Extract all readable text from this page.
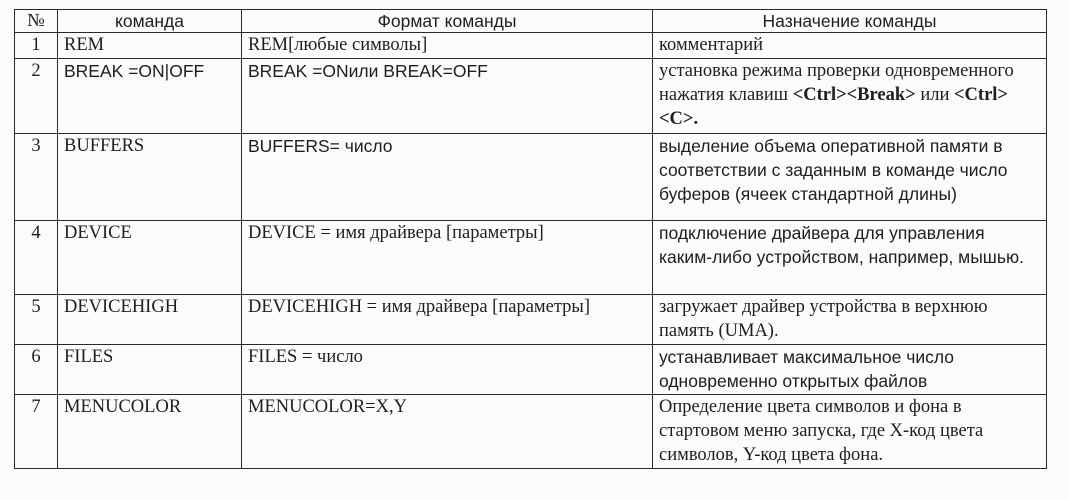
№	команда	Формат команды	Назначение команды
1	REM	REM[любые символы]	комментарий
2	BREAK =ON|OFF	BREAK =ONили BREAK=OFF	установка режима проверки одновременного нажатия клавиш <Ctrl><Break> или <Ctrl><C>.
3	BUFFERS	BUFFERS= число	выделение объема оперативной памяти в соответствии с заданным в команде число буферов (ячеек стандартной длины)
4	DEVICE	DEVICE = имя драйвера [параметры]	подключение драйвера для управления каким-либо устройством, например, мышью.
5	DEVICEHIGH	DEVICEHIGH = имя драйвера [параметры]	загружает драйвер устройства в верхнюю память (UMA).
6	FILES	FILES = число	устанавливает максимальное число одновременно открытых файлов
7	MENUCOLOR	MENUCOLOR=X,Y	Определение цвета символов и фона в стартовом меню запуска, где X-код цвета символов, Y-код цвета фона.
